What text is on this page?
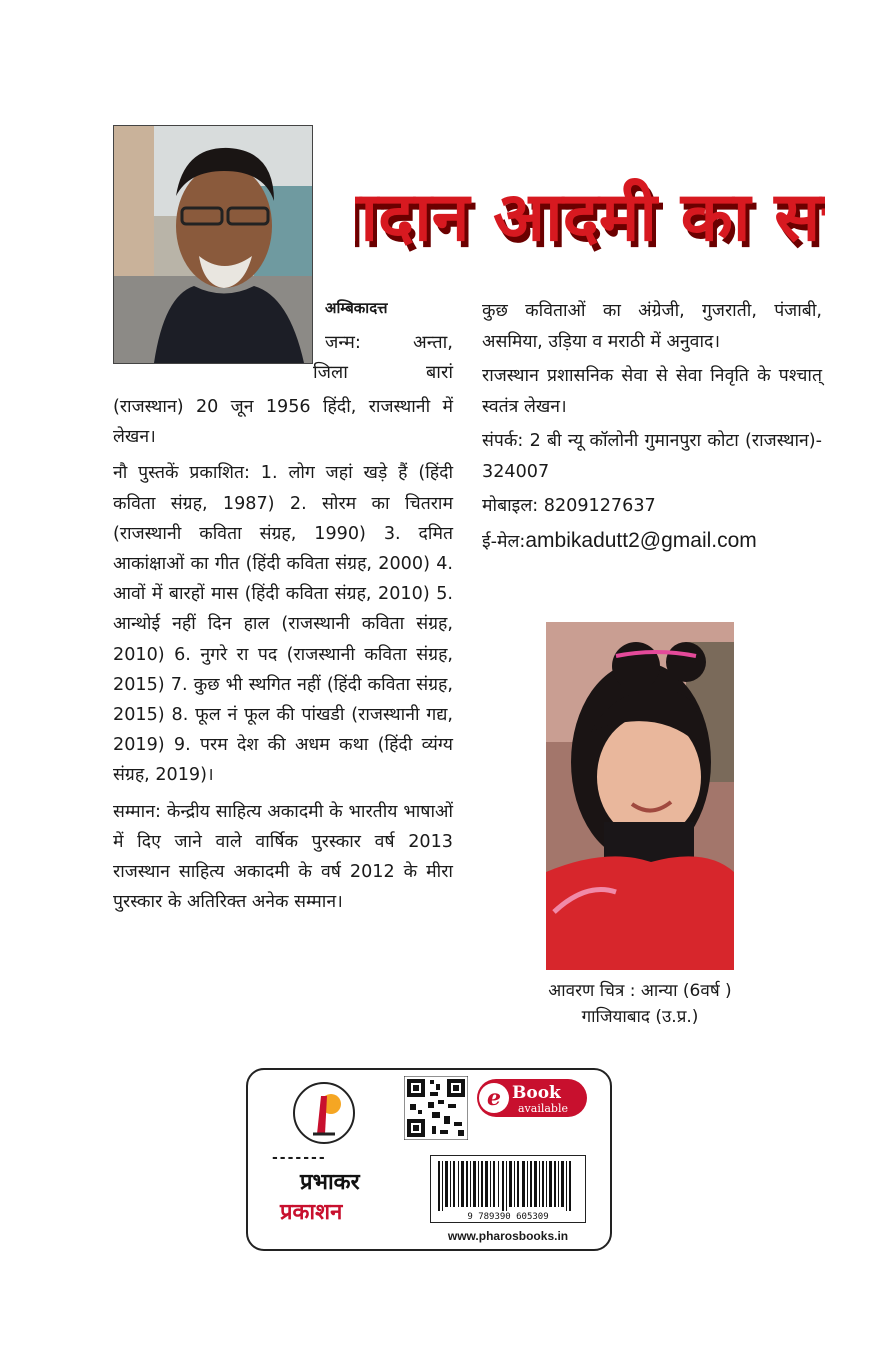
दान आदमी का स
दान आदमी का स
अम्बिकादत्त
जन्म: अन्ता,
जिला बारां

(राजस्थान) 20 जून 1956 हिंदी, राजस्थानी में लेखन।

नौ पुस्तकें प्रकाशित: 1. लोग जहां खड़े हैं (हिंदी कविता संग्रह, 1987) 2. सोरम का चितराम (राजस्थानी कविता संग्रह, 1990) 3. दमित आकांक्षाओं का गीत (हिंदी कविता संग्रह, 2000) 4. आवों में बारहों मास (हिंदी कविता संग्रह, 2010) 5. आन्थोई नहीं दिन हाल (राजस्थानी कविता संग्रह, 2010) 6. नुगरे रा पद (राजस्थानी कविता संग्रह, 2015) 7. कुछ भी स्थगित नहीं (हिंदी कविता संग्रह, 2015) 8. फूल नं फूल की पांखडी (राजस्थानी गद्य, 2019) 9. परम देश की अधम कथा (हिंदी व्यंग्य संग्रह, 2019)।

सम्मान: केन्द्रीय साहित्य अकादमी के भारतीय भाषाओं में दिए जाने वाले वार्षिक पुरस्कार वर्ष 2013 राजस्थान साहित्य अकादमी के वर्ष 2012 के मीरा पुरस्कार के अतिरिक्त अनेक सम्मान।

कुछ कविताओं का अंग्रेजी, गुजराती, पंजाबी, असमिया, उड़िया व मराठी में अनुवाद।

राजस्थान प्रशासनिक सेवा से सेवा निवृति के पश्चात् स्वतंत्र लेखन।

संपर्क: 2 बी न्यू कॉलोनी गुमानपुरा कोटा (राजस्थान)- 324007

मोबाइल: 8209127637

ई-मेल:ambikadutt2@gmail.com

आवरण चित्र : आन्या (6वर्ष )
गाजियाबाद (उ.प्र.)
-------
प्रभाकर
प्रकाशन
e Book
available
9 789390 605309
www.pharosbooks.in
